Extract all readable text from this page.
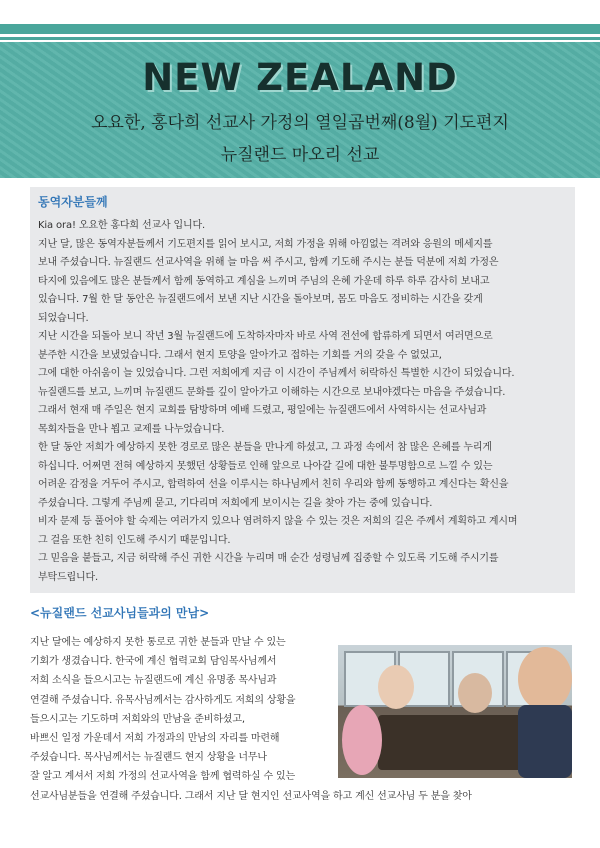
NEW ZEALAND
오요한, 홍다희 선교사 가정의 열일곱번째(8월) 기도편지
뉴질랜드 마오리 선교
동역자분들께
Kia ora! 오요한 홍다희 선교사 입니다.
지난 달, 많은 동역자분들께서 기도편지를 읽어 보시고, 저희 가정을 위해 아낌없는 격려와 응원의 메세지를
보내 주셨습니다. 뉴질랜드 선교사역을 위해 늘 마음 써 주시고, 함께 기도해 주시는 분들 덕분에 저희 가정은
타지에 있음에도 많은 분들께서 함께 동역하고 계심을 느끼며 주님의 은혜 가운데 하루 하루 감사히 보내고
있습니다. 7월 한 달 동안은 뉴질랜드에서 보낸 지난 시간을 돌아보며, 몸도 마음도 정비하는 시간을 갖게
되었습니다.
지난 시간을 되돌아 보니 작년 3월 뉴질랜드에 도착하자마자 바로 사역 전선에 합류하게 되면서 여러면으로
분주한 시간을 보냈었습니다. 그래서 현지 토양을 알아가고 접하는 기회를 거의 갖을 수 없었고,
그에 대한 아쉬움이 늘 있었습니다. 그런 저희에게 지금 이 시간이 주님께서 허락하신 특별한 시간이 되었습니다.
뉴질랜드를 보고, 느끼며 뉴질랜드 문화를 깊이 알아가고 이해하는 시간으로 보내야겠다는 마음을 주셨습니다.
그래서 현재 매 주일은 현지 교회를 탐방하며 예배 드렸고, 평일에는 뉴질랜드에서 사역하시는 선교사님과
목회자들을 만나 뵙고 교제를 나누었습니다.
한 달 동안 저희가 예상하지 못한 경로로 많은 분들을 만나게 하셨고, 그 과정 속에서 참 많은 은혜를 누리게
하십니다. 어쩌면 전혀 예상하지 못했던 상황들로 인해 앞으로 나아갈 길에 대한 불투명함으로 느낄 수 있는
어려운 감정을 거두어 주시고, 합력하여 선을 이루시는 하나님께서 친히 우리와 함께 동행하고 계신다는 확신을
주셨습니다. 그렇게 주님께 묻고, 기다리며 저희에게 보이시는 길을 찾아 가는 중에 있습니다.
비자 문제 등 풀어야 할 숙제는 여러가지 있으나 염려하지 않을 수 있는 것은 저희의 길은 주께서 계획하고 계시며
그 걸음 또한 친히 인도해 주시기 때문입니다.
그 믿음을 붙들고, 지금 허락해 주신 귀한 시간을 누리며 매 순간 성령님께 집중할 수 있도록 기도해 주시기를
부탁드립니다.
<뉴질랜드 선교사님들과의 만남>
지난 달에는 예상하지 못한 통로로 귀한 분들과 만날 수 있는
기회가 생겼습니다. 한국에 계신 협력교회 담임목사님께서
저희 소식을 들으시고는 뉴질랜드에 계신 유명종 목사님과
연결해 주셨습니다. 유목사님께서는 감사하게도 저희의 상황을
들으시고는 기도하며 저희와의 만남을 준비하셨고,
바쁘신 일정 가운데서 저희 가정과의 만남의 자리를 마련해
주셨습니다. 목사님께서는 뉴질랜드 현지 상황을 너무나
잘 알고 계셔서 저희 가정의 선교사역을 함께 협력하실 수 있는
선교사님분들을 연결해 주셨습니다. 그래서 지난 달 현지인 선교사역을 하고 계신 선교사님 두 분을 찾아
